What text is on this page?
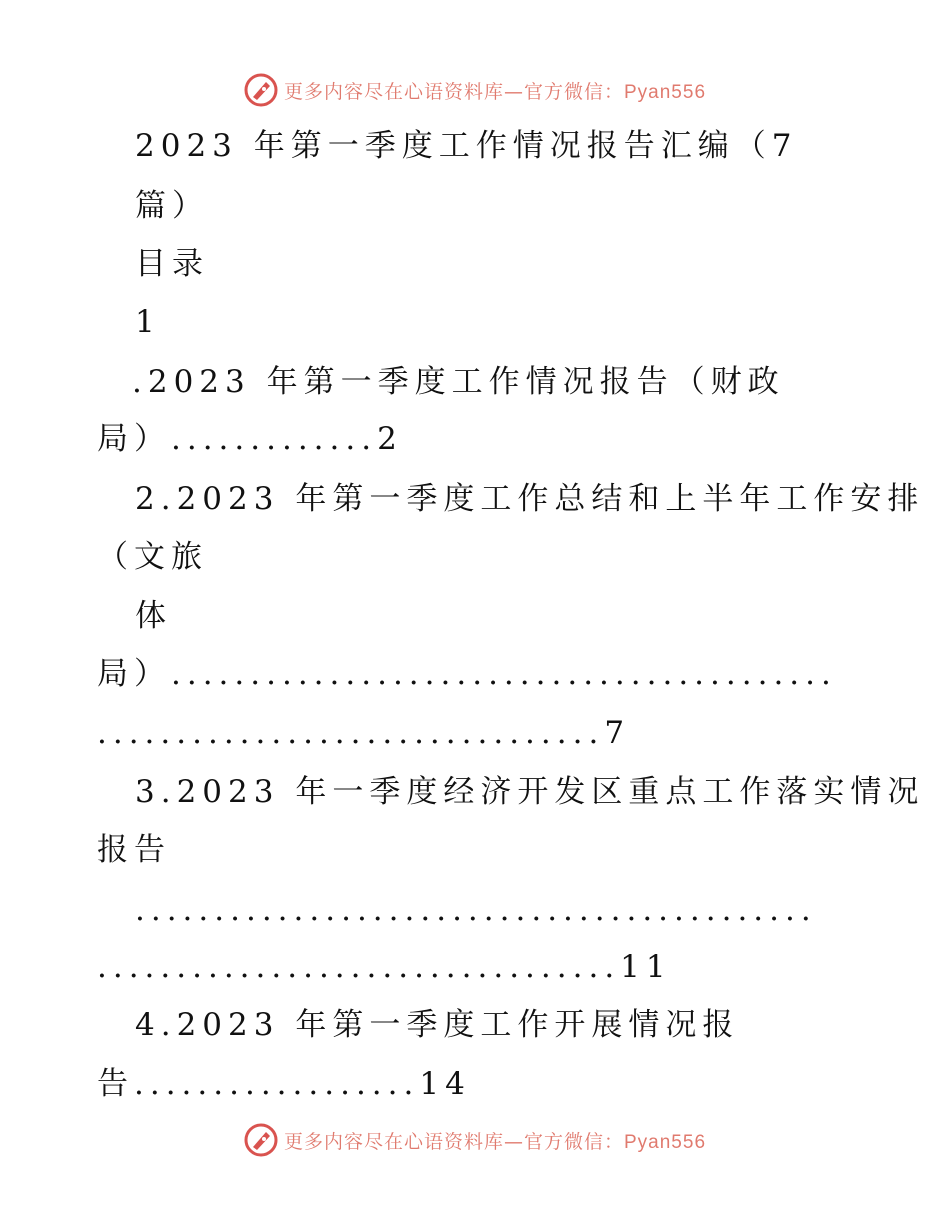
更多内容尽在心语资料库—官方微信：Pyan556
2023 年第一季度工作情况报告汇编（7
篇）
目录
1
.2023 年第一季度工作情况报告（财政
局）.............2
2.2023 年第一季度工作总结和上半年工作安排
（文旅
体
局）..........................................
................................7
3.2023 年一季度经济开发区重点工作落实情况
报告
...........................................
.................................11
4.2023 年第一季度工作开展情况报
告..................14
更多内容尽在心语资料库—官方微信：Pyan556
